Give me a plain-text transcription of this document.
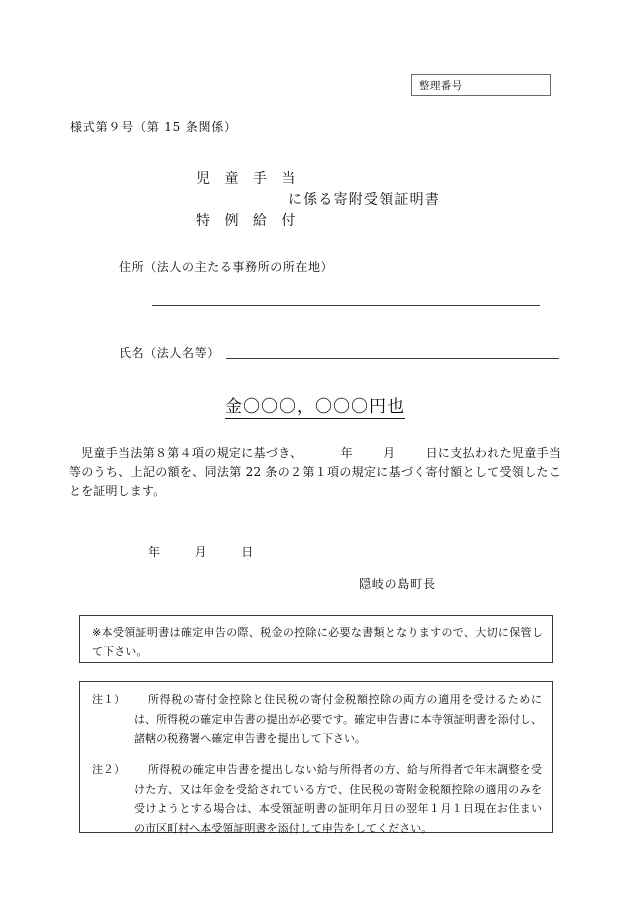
整理番号
様式第９号（第 15 条関係）
児 童 手 当
特 例 給 付
に係る寄附受領証明書
住所（法人の主たる事務所の所在地）
氏名（法人名等）
金〇〇〇，〇〇〇円也
児童手当法第８第４項の規定に基づき、	年	月	日に支払われた児童手当等のうち、上記の額を、同法第 22 条の２第１項の規定に基づく寄付額として受領したことを証明します。
年	月	日
隠岐の島町長
※本受領証明書は確定申告の際、税金の控除に必要な書類となりますので、大切に保管して下さい。
注１）	所得税の寄付金控除と住民税の寄付金税額控除の両方の適用を受けるためには、所得税の確定申告書の提出が必要です。確定申告書に本寺領証明書を添付し、諸轄の税務署へ確定申告書を提出して下さい。
注２）	所得税の確定申告書を提出しない給与所得者の方、給与所得者で年末調整を受けた方、又は年金を受給されている方で、住民税の寄附金税額控除の適用のみを受けようとする場合は、本受領証明書の証明年月日の翌年１月１日現在お住まいの市区町村へ本受領証明書を添付して申告をしてください。
